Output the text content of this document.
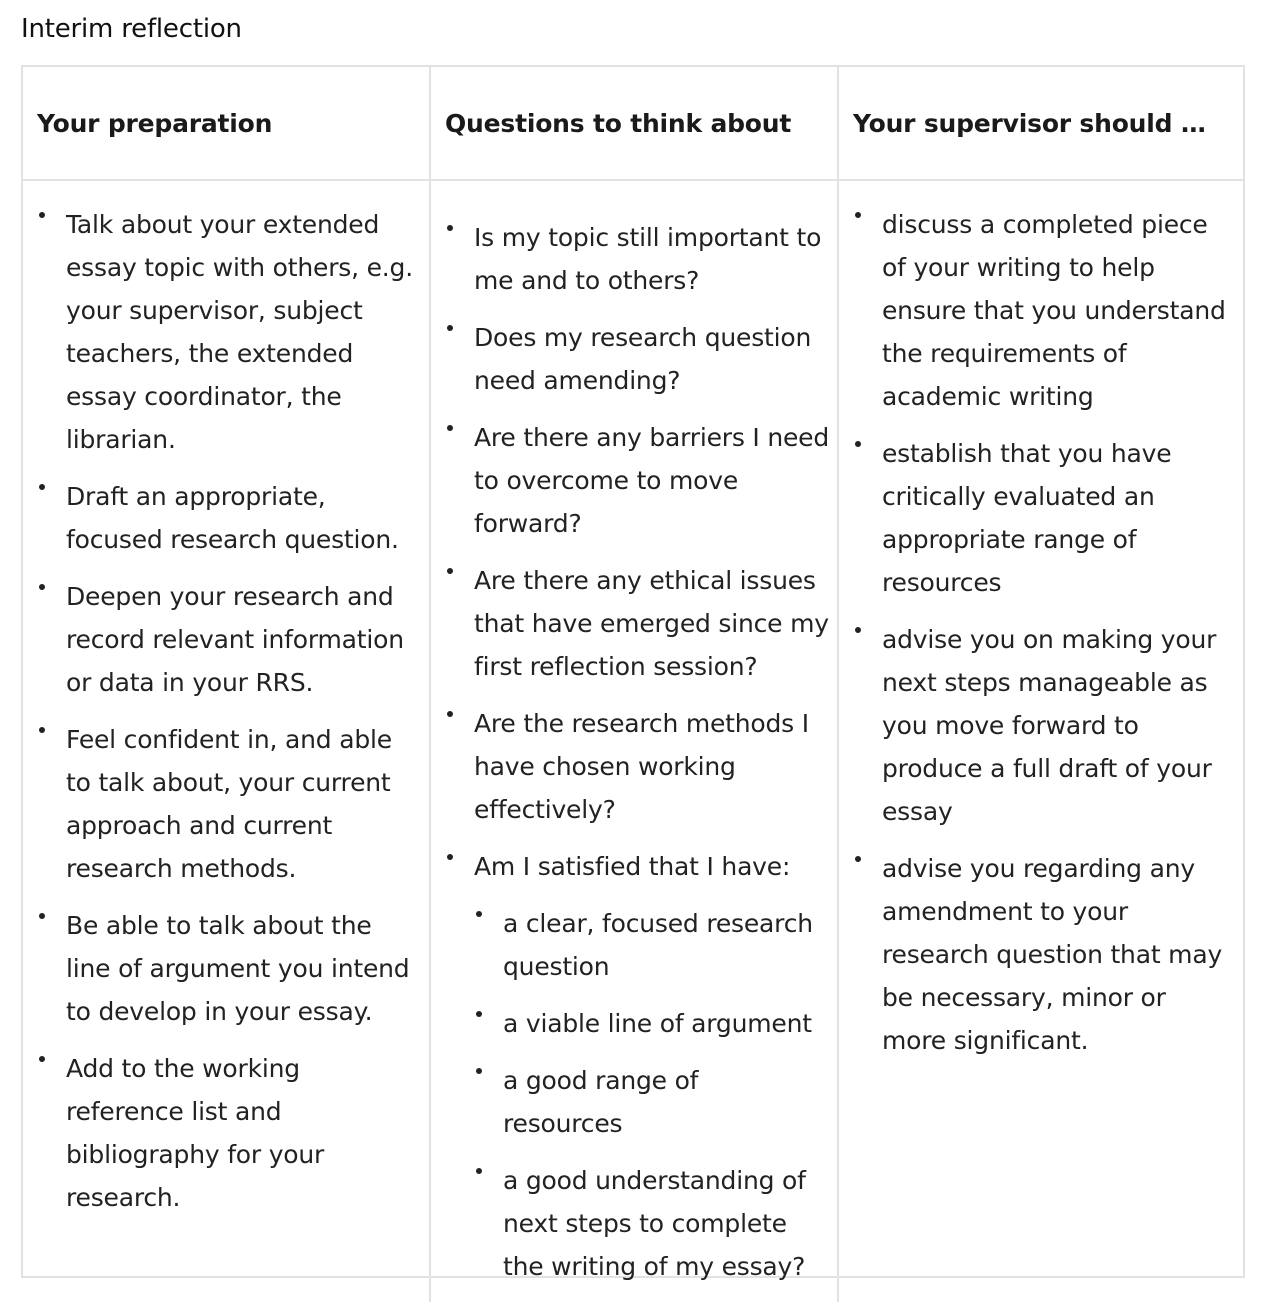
Interim reflection
Your preparation	Questions to think about	Your supervisor should …
Talk about your extended essay topic with others, e.g. your supervisor, subject teachers, the extended essay coordinator, the librarian.
Draft an appropriate, focused research question.
Deepen your research and record relevant information or data in your RRS.
Feel confident in, and able to talk about, your current approach and current research methods.
Be able to talk about the line of argument you intend to develop in your essay.
Add to the working reference list and bibliography for your research.
Is my topic still important to me and to others?
Does my research question need amending?
Are there any barriers I need to overcome to move forward?
Are there any ethical issues that have emerged since my first reflection session?
Are the research methods I have chosen working effectively?
Am I satisfied that I have:
a clear, focused research question
a viable line of argument
a good range of resources
a good understanding of next steps to complete the writing of my essay?
discuss a completed piece of your writing to help ensure that you understand the requirements of academic writing
establish that you have critically evaluated an appropriate range of resources
advise you on making your next steps manageable as you move forward to produce a full draft of your essay
advise you regarding any amendment to your research question that may be necessary, minor or more significant.
